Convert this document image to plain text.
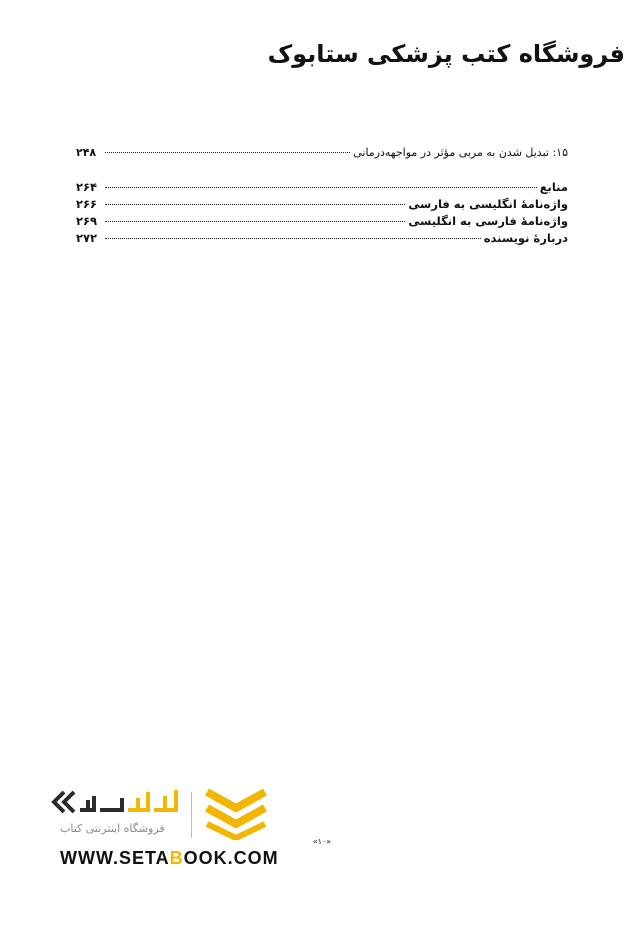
فروشگاه کتب پزشکی ستابوک
۱۵: تبدیل شدن به مربی مؤثر در مواجهه‌درمانی
۲۴۸
منابع
۲۶۴
واژه‌نامهٔ انگلیسی به فارسی
۲۶۶
واژه‌نامهٔ فارسی به انگلیسی
۲۶۹
دربارهٔ نویسنده
۲۷۲
«۱۰»
ستابوک
فروشگاه اینترنتی کتاب
WWW.SETABOOK.COM
